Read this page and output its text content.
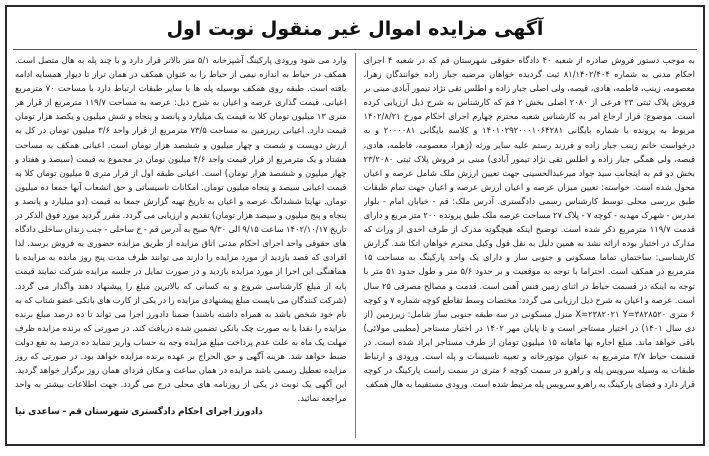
آگهی مزایده اموال غیر منقول نوبت اول
به موجب دستور فروش صادره از شعبه ۴۰ دادگاه حقوقی شهرستان قم که در شعبه ۴ اجرای احکام مدنی به شماره ۸۱/۱۴۰۲/۴۰۴ ثبت گردیده خواهان مرضیه جبار زاده خوانندگان زهرا، معصومه، زینب، فاطمه، هادی، قیصه، ولی اصلی جبار زاده و اطلس تقی نژاد تیمور آبادی مبنی بر فروش پلاک ثبتی ۲۳ فرعی از ۲۰۸۰ اصلی بخش ۲ قم که کارشناس به شرح ذیل ارزیابی کرده است. موضوع: قرار ارجاع امر به کارشناس شعبه محترم چهارم اجرای احکام مورخ ۱۴۰۲/۸/۲۱ مربوط به پرونده با شماره بایگانی ۱۴۰۱۰۲۹۲۰۰۰۱۰۶۴۲۸۱ و کلاسه بایگانی ۲۰۰۰۰۸۱ و به درخواست خانم زینب جبار زاده و فرزند رستم علیه سایر ورثه (زهرا، معصومه، فاطمه، هادی، قیصه، ولی همگی جبار زاده و اطلس تقی نژاد تیمور آبادی) مبنی بر فروش پلاک ثبتی ۲۳/۲۰۸۰ بخش دو قم به اینجانب سید جواد میرعبدالحسینی جهت تعیین ارزش ملک شامل عرصه و اعیان محول شده است. خواسته: تعیین میزان عرصه و اعیان ارزش عرصه و اعیان جهت تمام طبقات طبق بررسی محلی توسط کارشناس رسمی دادگستری. آدرس ملک: قم - خیابان امام - بلوار مدرس - شهرک مهدیه - کوچه ۷ - پلاک ۲۷ مساحت عرصه ملک طبق پرونده ۲۰۰ متر مربع و دارای قدمت ۱۱۹/۷ مترمربع ذکر شده است. توضیح اینکه هیچگونه مدرک از طرف احدی از وراث که مدارک در اختیار بوده ارائه نشد به همین دلیل به نقل قول وکیل محترم خواهان اتکا شد. گزارش کارشناسی: ساختمان تماما مسکونی و جنوبی ساز و دارای یک واحد پارکینگ به مساحت ۱۵ مترمربع در همکف است. احتراما با توجه به موقعیت و بر حدود ۵/۶ متر و طول حدود ۵۱ متر با توجه به اینکه در قسمت حیاط در اثنای زمین فنس آهنی است. قدمت و مصالح مصرفی ۲۵ سال است. عرصه و اعیان به شرح ذیل ارزیابی می گردد: مختصات وسط تقاطع کوچه شماره ۷ و کوچه ۶ متری X=۲۳۸۲۰۲۱ Y=۳۸۲۸۵۲۰ منزل مسکونی در سه طبقه جنوبی ساز شامل: زیرزمین (از دی سال ۱۴۰۱) در اختیار مستاجر است و تا پایان مهر ۱۴۰۲ در اختیار مستاجر (مطیبی مولائی) باقی خواهد ماند. مبلغ اجاره بها ماهانه ۱۵ میلیون تومان از طرف مستاجر ایراد شده است. در قسمت حیاط ۳/۷ مترمربع به عنوان موتورخانه و تعبیه تاسیسات و پله است. ورودی و ارتباط طبقات به وسیله سرویس پله و راهرو در سمت کوچه ۶ متری در سمت راست پارکینگ در کوچه قرار دارد و فضای پارکینگ به راهرو سرویس پله مرتبط شده است. ورودی مستقیما به هال همکف
وارد می شود ورودی پارکینگ آشپزخانه ۵/۱ متر بالاتر قرار دارد و با چند پله به هال متصل است. همکف در حیاط به اندازه نیمی از حیاط را به عنوان همکف در همان تراز تا دیوار همسایه ادامه یافته است. طبقه روی همکف بوسیله پله ها با سایر طبقات ارتباط دارد با مساحت ۷۰ مترمربع اعیانی. قیمت گذاری عرصه و اعیان به شرح ذیل: عرصه به مساحت ۱۱۹/۷ مترمربع از قرار هر متری ۱۳ میلیون تومان کلا به قیمت یک میلیارد و پانصد و پنجاه و شش میلیون و یکصد هزار تومان قیمت دارد. اعیانی زیرزمین به مساحت ۷۳/۵ مترمربع از قرار واحد ۳/۶ میلیون تومان در کل به ارزش دویست و شصت و چهار میلیون و ششصد هزار تومان است. اعیانی همکف به مساحت هشتاد و یک مترمربع از قرار قیمت واحد ۴/۶ میلیون تومان در مجموع به قیمت (سیصد و هفتاد و چهار میلیون و ششصد هزار تومان) است. اعیانی طبقه اول از قرار متری ۵ میلیون تومان کلا به قیمت اعیانی سیصد و پنجاه میلیون تومان. امکانات تاسیساتی و حق انشعاب آنها جمعا ده میلیون تومان. نهایتا ششدانگ عرصه و اعیان به تاریخ تهیه گزارش جمعا به قیمت (دو میلیارد و پانصد و پنجاه و پنج میلیون و سیصد هزار تومان) تقدیم و ارزیابی می گردد. مقرر گردید مورد فوق الذکر در تاریخ ۱۴۰۲/۱۰/۱۷ ساعت ۹/۱۵ الی ۹/۳۰ صبح به آدرس قم - خ ساحلی - جنب زندان ساحلی دادگاه های حقوقی واحد اجرای احکام مدنی اتاق مزایده از طریق مزایده حضوری به فروش برسد. لذا افرادی که قصد بازدید از مورد مزایده را دارند می توانند ظرف مدت پنج روز مانده به مزایده با هماهنگی این اجرا از مورد مزایده بازدید و در صورت تمایل در جلسه مزایده شرکت نمایند قیمت پایه از مبلغ کارشناسی شروع و به کسانی که بالاترین مبلغ را پیشنهاد دهند واگذار می گردد. (شرکت کنندگان می بایست مبلغ پیشنهادی مزایده را در یکی از کارت های بانکی عضو شتاب که به نام خود شخص باشد به همراه داشته باشند) ضمنا دادورز اجرا می تواند تا ده درصد مبلغ برنده مزایده را نقدا یا به صورت چک بانکی تضمین شده دریافت کند. در صورتی که برنده مزایده ظرف مهلت یک ماه به علت عدم پرداخت مبلغ مزایده وجه به حساب واریز ننماید ده درصد به نفع دولت ضبط خواهد شد. هزینه آگهی و حق الحراج بر عهده برنده مزایده خواهد بود. در صورتی که روز مزایده تعطیل رسمی باشد مزایده در همان ساعت و مکان فردای همان روز برگزار خواهد گردید. این آگهی یک نوبت در یکی از روزنامه های محلی درج می گردد. جهت اطلاعات بیشتر به واحد مراجعه نمائید.
دادورز اجرای احکام دادگستری شهرستان قم - ساعدی نیا
